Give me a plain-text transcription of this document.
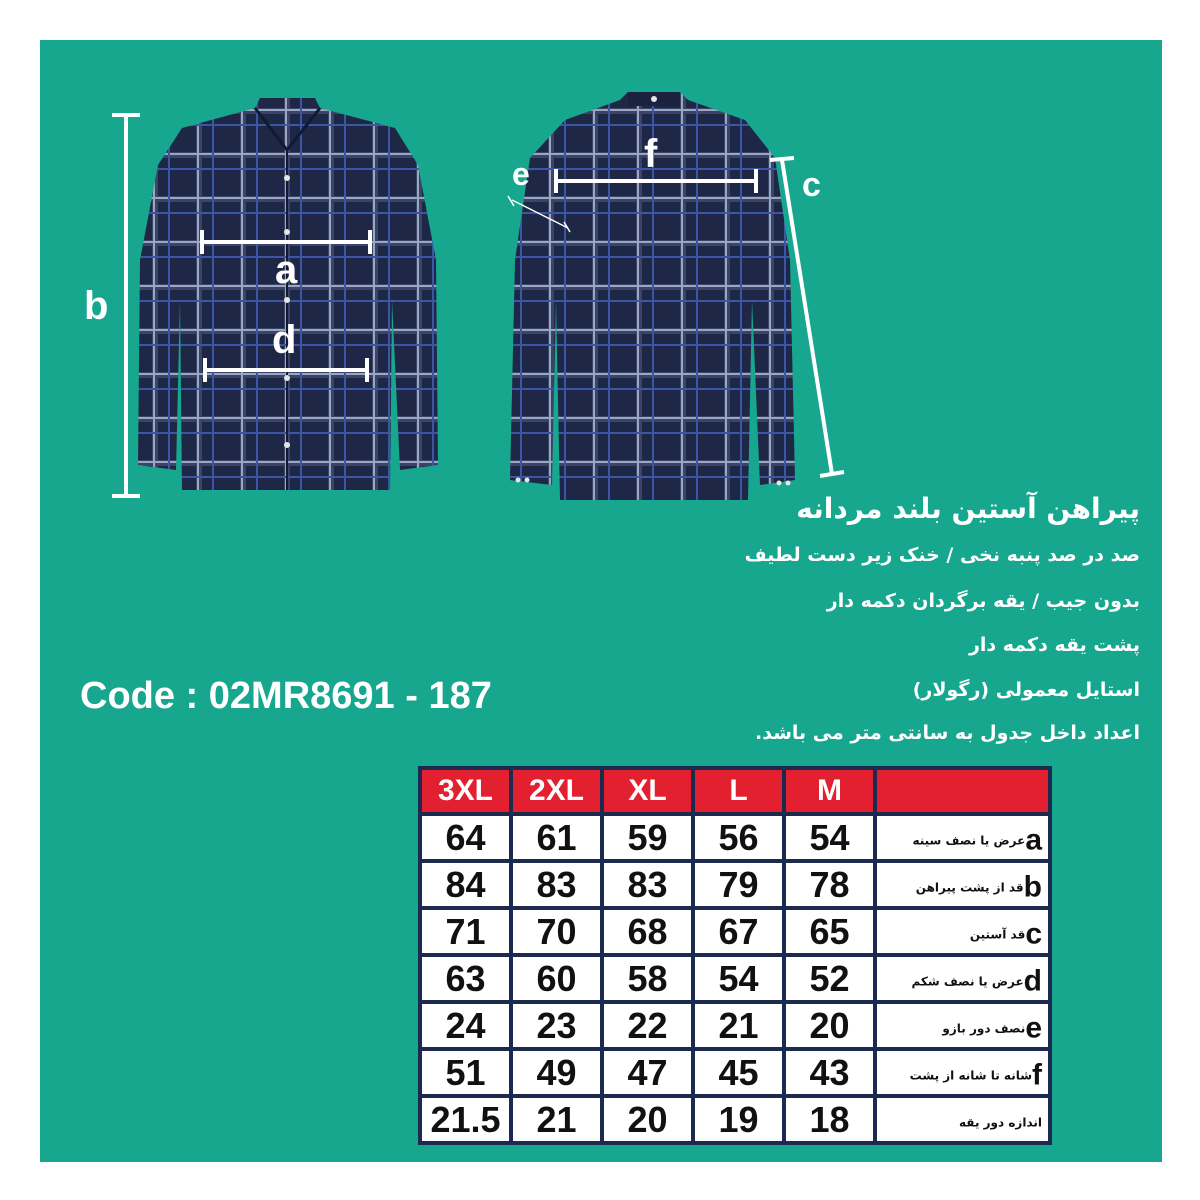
b
a
d
f
e	c
پیراهن آستین بلند مردانه
صد در صد پنبه نخی / خنک زیر دست لطیف
بدون جیب / یقه برگردان دکمه دار
پشت یقه دکمه دار
استایل معمولی (رگولار)
اعداد داخل جدول به سانتی متر می باشد.
Code : 02MR8691 - 187
3XL	2XL	XL	L	M	
64	61	59	56	54	aعرض یا نصف سینه
84	83	83	79	78	bقد از پشت پیراهن
71	70	68	67	65	cقد آستین
63	60	58	54	52	dعرض یا نصف شکم
24	23	22	21	20	eنصف دور بازو
51	49	47	45	43	fشانه تا شانه از پشت
21.5	21	20	19	18	اندازه دور یقه
